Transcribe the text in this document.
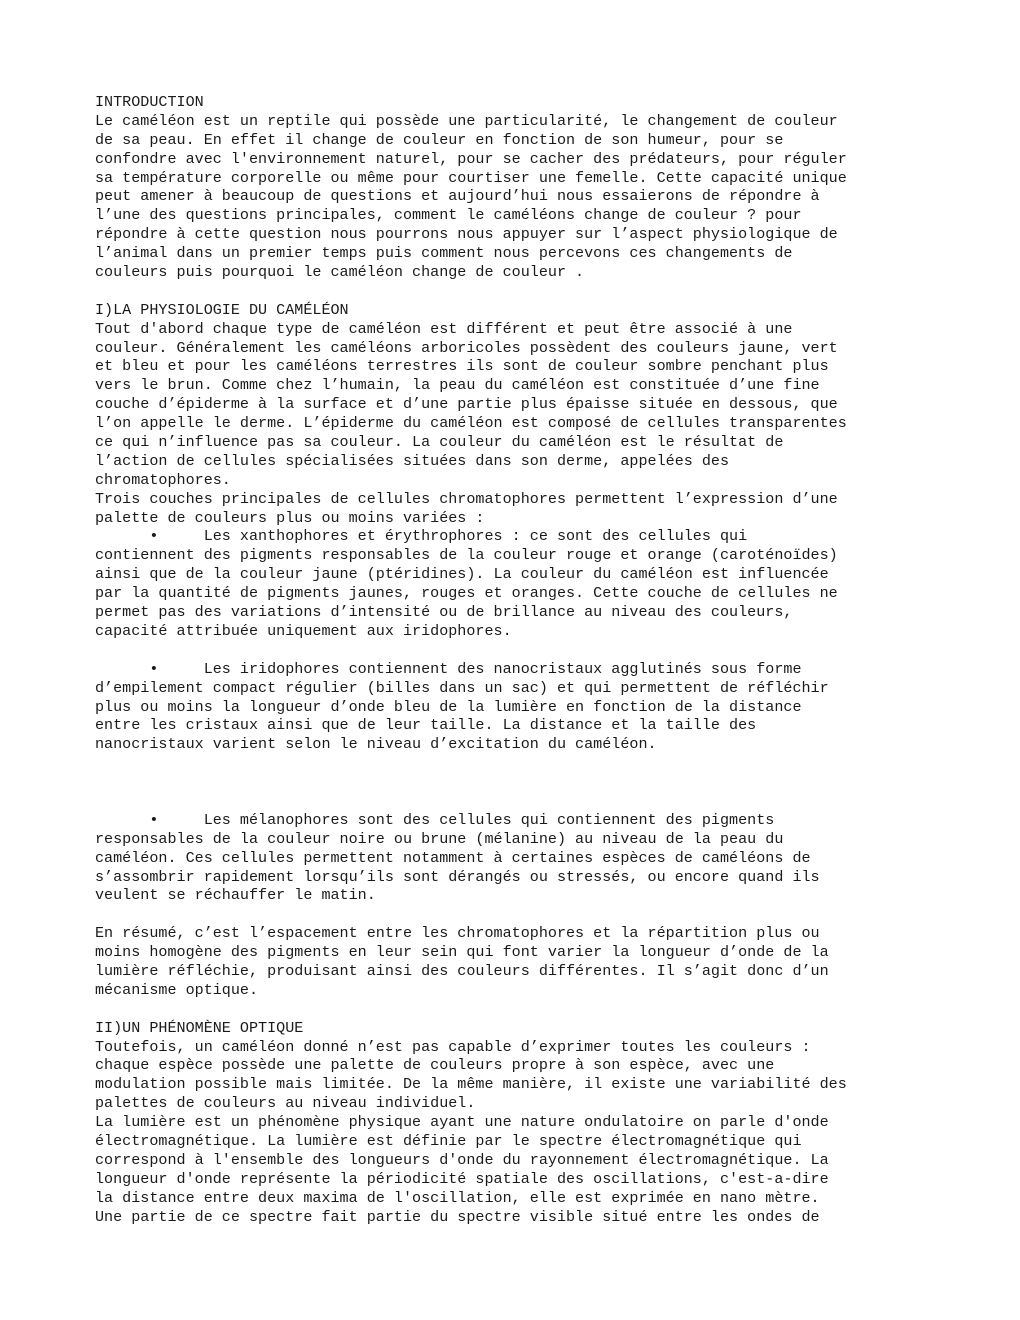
INTRODUCTION
Le caméléon est un reptile qui possède une particularité, le changement de couleur
de sa peau. En effet il change de couleur en fonction de son humeur, pour se
confondre avec l'environnement naturel, pour se cacher des prédateurs, pour réguler
sa température corporelle ou même pour courtiser une femelle. Cette capacité unique
peut amener à beaucoup de questions et aujourd’hui nous essaierons de répondre à
l’une des questions principales, comment le caméléons change de couleur ? pour
répondre à cette question nous pourrons nous appuyer sur l’aspect physiologique de
l’animal dans un premier temps puis comment nous percevons ces changements de
couleurs puis pourquoi le caméléon change de couleur .
I)LA PHYSIOLOGIE DU CAMÉLÉON
Tout d'abord chaque type de caméléon est différent et peut être associé à une
couleur. Généralement les caméléons arboricoles possèdent des couleurs jaune, vert
et bleu et pour les caméléons terrestres ils sont de couleur sombre penchant plus
vers le brun. Comme chez l’humain, la peau du caméléon est constituée d’une fine
couche d’épiderme à la surface et d’une partie plus épaisse située en dessous, que
l’on appelle le derme. L’épiderme du caméléon est composé de cellules transparentes
ce qui n’influence pas sa couleur. La couleur du caméléon est le résultat de
l’action de cellules spécialisées situées dans son derme, appelées des
chromatophores.
Trois couches principales de cellules chromatophores permettent l’expression d’une
palette de couleurs plus ou moins variées :
•     Les xanthophores et érythrophores : ce sont des cellules qui
contiennent des pigments responsables de la couleur rouge et orange (caroténoïdes)
ainsi que de la couleur jaune (ptéridines). La couleur du caméléon est influencée
par la quantité de pigments jaunes, rouges et oranges. Cette couche de cellules ne
permet pas des variations d’intensité ou de brillance au niveau des couleurs,
capacité attribuée uniquement aux iridophores.
•     Les iridophores contiennent des nanocristaux agglutinés sous forme
d’empilement compact régulier (billes dans un sac) et qui permettent de réfléchir
plus ou moins la longueur d’onde bleu de la lumière en fonction de la distance
entre les cristaux ainsi que de leur taille. La distance et la taille des
nanocristaux varient selon le niveau d’excitation du caméléon.
•     Les mélanophores sont des cellules qui contiennent des pigments
responsables de la couleur noire ou brune (mélanine) au niveau de la peau du
caméléon. Ces cellules permettent notamment à certaines espèces de caméléons de
s’assombrir rapidement lorsqu’ils sont dérangés ou stressés, ou encore quand ils
veulent se réchauffer le matin.
En résumé, c’est l’espacement entre les chromatophores et la répartition plus ou
moins homogène des pigments en leur sein qui font varier la longueur d’onde de la
lumière réfléchie, produisant ainsi des couleurs différentes. Il s’agit donc d’un
mécanisme optique.
II)UN PHÉNOMÈNE OPTIQUE
Toutefois, un caméléon donné n’est pas capable d’exprimer toutes les couleurs :
chaque espèce possède une palette de couleurs propre à son espèce, avec une
modulation possible mais limitée. De la même manière, il existe une variabilité des
palettes de couleurs au niveau individuel.
La lumière est un phénomène physique ayant une nature ondulatoire on parle d'onde
électromagnétique. La lumière est définie par le spectre électromagnétique qui
correspond à l'ensemble des longueurs d'onde du rayonnement électromagnétique. La
longueur d'onde représente la périodicité spatiale des oscillations, c'est-a-dire
la distance entre deux maxima de l'oscillation, elle est exprimée en nano mètre.
Une partie de ce spectre fait partie du spectre visible situé entre les ondes de
